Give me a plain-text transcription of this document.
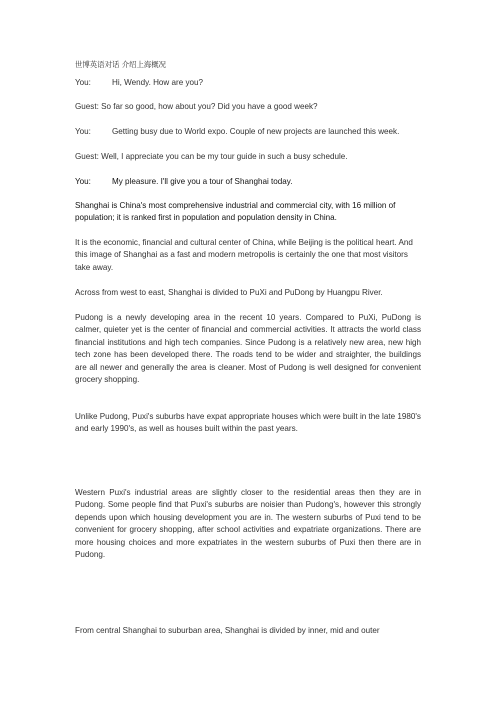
世博英语对话 介绍上海概况
You:	Hi, Wendy. How are you?
Guest: So far so good, how about you? Did you have a good week?
You:	Getting busy due to World expo. Couple of new projects are launched this week.
Guest: Well, I appreciate you can be my tour guide in such a busy schedule.
You:	My pleasure. I'll give you a tour of Shanghai today.
Shanghai is China's most comprehensive industrial and commercial city, with 16 million of population; it is ranked first in population and population density in China.
It is the economic, financial and cultural center of China, while Beijing is the political heart. And this image of Shanghai as a fast and modern metropolis is certainly the one that most visitors take away.
Across from west to east, Shanghai is divided to PuXi and PuDong by Huangpu River.
Pudong is a newly developing area in the recent 10 years. Compared to PuXi, PuDong is calmer, quieter yet is the center of financial and commercial activities. It attracts the world class financial institutions and high tech companies. Since Pudong is a relatively new area, new high tech zone has been developed there. The roads tend to be wider and straighter, the buildings are all newer and generally the area is cleaner. Most of Pudong is well designed for convenient grocery shopping.
Unlike Pudong, Puxi's suburbs have expat appropriate houses which were built in the late 1980's and early 1990's, as well as houses built within the past years.
Western Puxi's industrial areas are slightly closer to the residential areas then they are in Pudong. Some people find that Puxi's suburbs are noisier than Pudong's, however this strongly depends upon which housing development you are in. The western suburbs of Puxi tend to be convenient for grocery shopping, after school activities and expatriate organizations. There are more housing choices and more expatriates in the western suburbs of Puxi then there are in Pudong.
From central Shanghai to suburban area, Shanghai is divided by inner, mid and outer
